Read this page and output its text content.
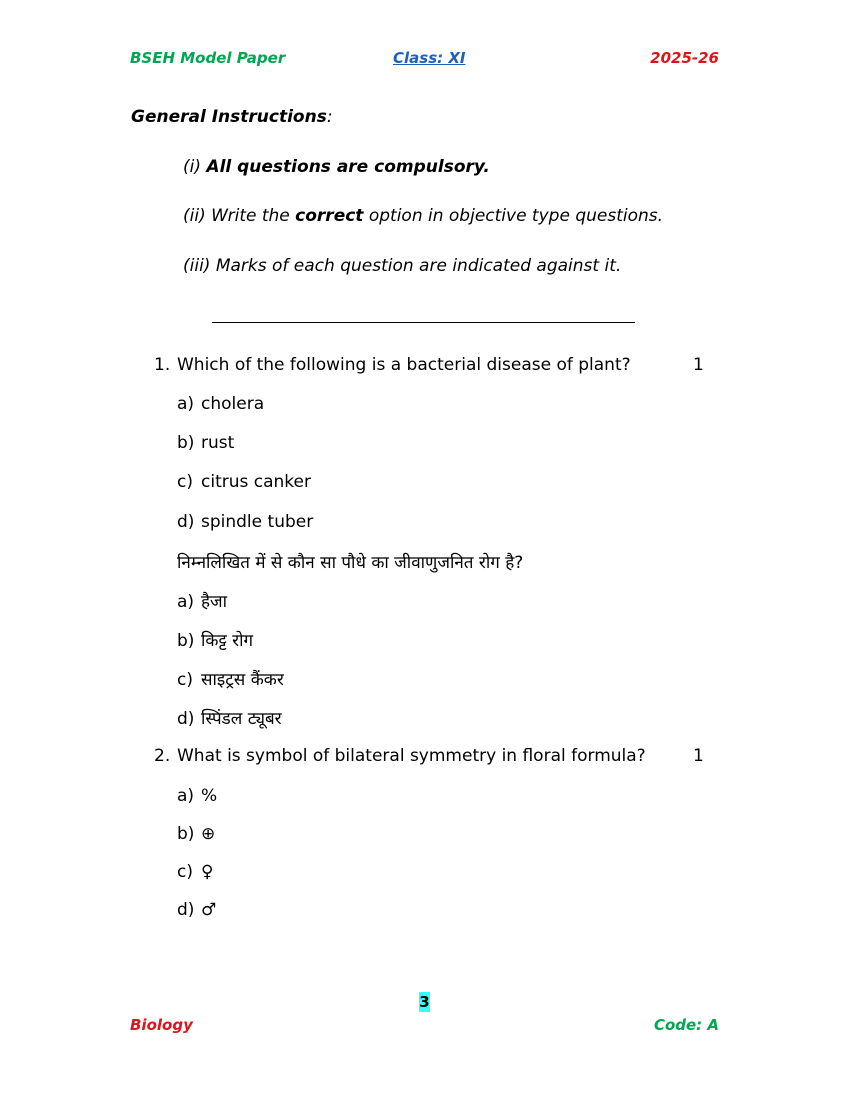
BSEH Model Paper	Class: XI	2025-26
General Instructions:
(i) All questions are compulsory.
(ii) Write the correct option in objective type questions.
(iii) Marks of each question are indicated against it.
1. Which of the following is a bacterial disease of plant?	1
a) cholera
b) rust
c) citrus canker
d) spindle tuber
निम्नलिखित में से कौन सा पौधे का जीवाणुजनित रोग है?
a) हैजा
b) किट्ट रोग
c) साइट्रस कैंकर
d) स्पिंडल ट्यूबर
2. What is symbol of bilateral symmetry in floral formula?	1
a) %
b) ⊕
c) ♀
d) ♂
3
Biology	Code: A
